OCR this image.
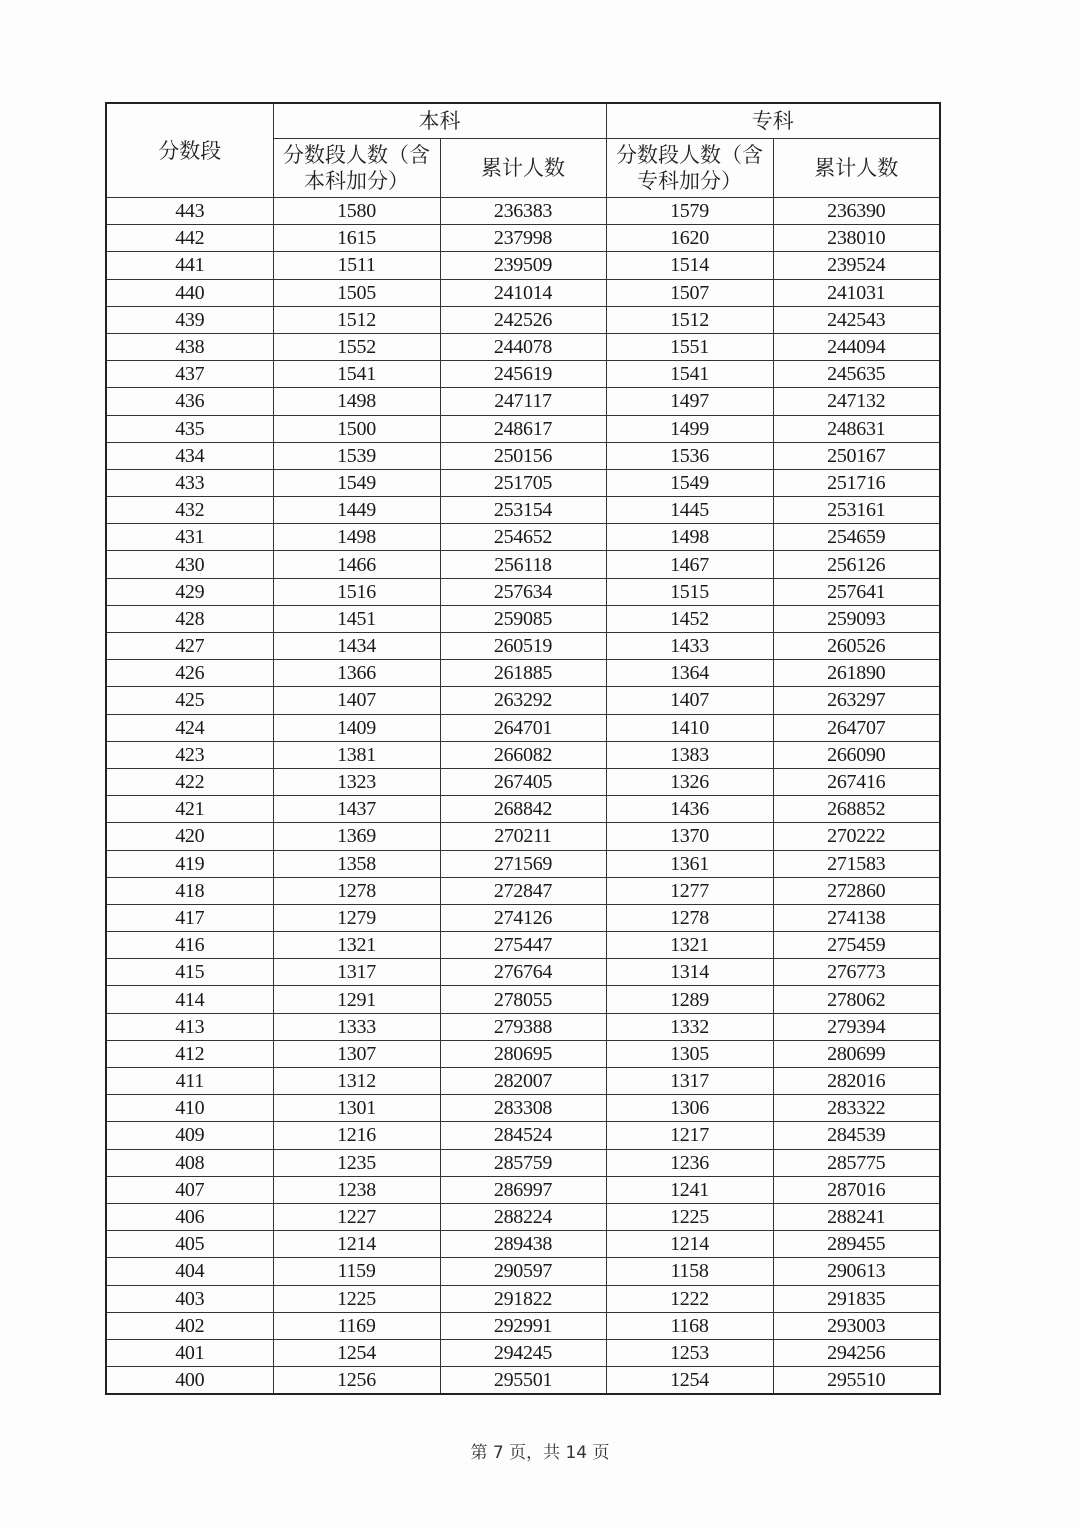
分数段	本科		专科	
	分数段人数（含本科加分）	累计人数	分数段人数（含专科加分）	累计人数
443	1580	236383	1579	236390
442	1615	237998	1620	238010
441	1511	239509	1514	239524
440	1505	241014	1507	241031
439	1512	242526	1512	242543
438	1552	244078	1551	244094
437	1541	245619	1541	245635
436	1498	247117	1497	247132
435	1500	248617	1499	248631
434	1539	250156	1536	250167
433	1549	251705	1549	251716
432	1449	253154	1445	253161
431	1498	254652	1498	254659
430	1466	256118	1467	256126
429	1516	257634	1515	257641
428	1451	259085	1452	259093
427	1434	260519	1433	260526
426	1366	261885	1364	261890
425	1407	263292	1407	263297
424	1409	264701	1410	264707
423	1381	266082	1383	266090
422	1323	267405	1326	267416
421	1437	268842	1436	268852
420	1369	270211	1370	270222
419	1358	271569	1361	271583
418	1278	272847	1277	272860
417	1279	274126	1278	274138
416	1321	275447	1321	275459
415	1317	276764	1314	276773
414	1291	278055	1289	278062
413	1333	279388	1332	279394
412	1307	280695	1305	280699
411	1312	282007	1317	282016
410	1301	283308	1306	283322
409	1216	284524	1217	284539
408	1235	285759	1236	285775
407	1238	286997	1241	287016
406	1227	288224	1225	288241
405	1214	289438	1214	289455
404	1159	290597	1158	290613
403	1225	291822	1222	291835
402	1169	292991	1168	293003
401	1254	294245	1253	294256
400	1256	295501	1254	295510
第 7 页，共 14 页
